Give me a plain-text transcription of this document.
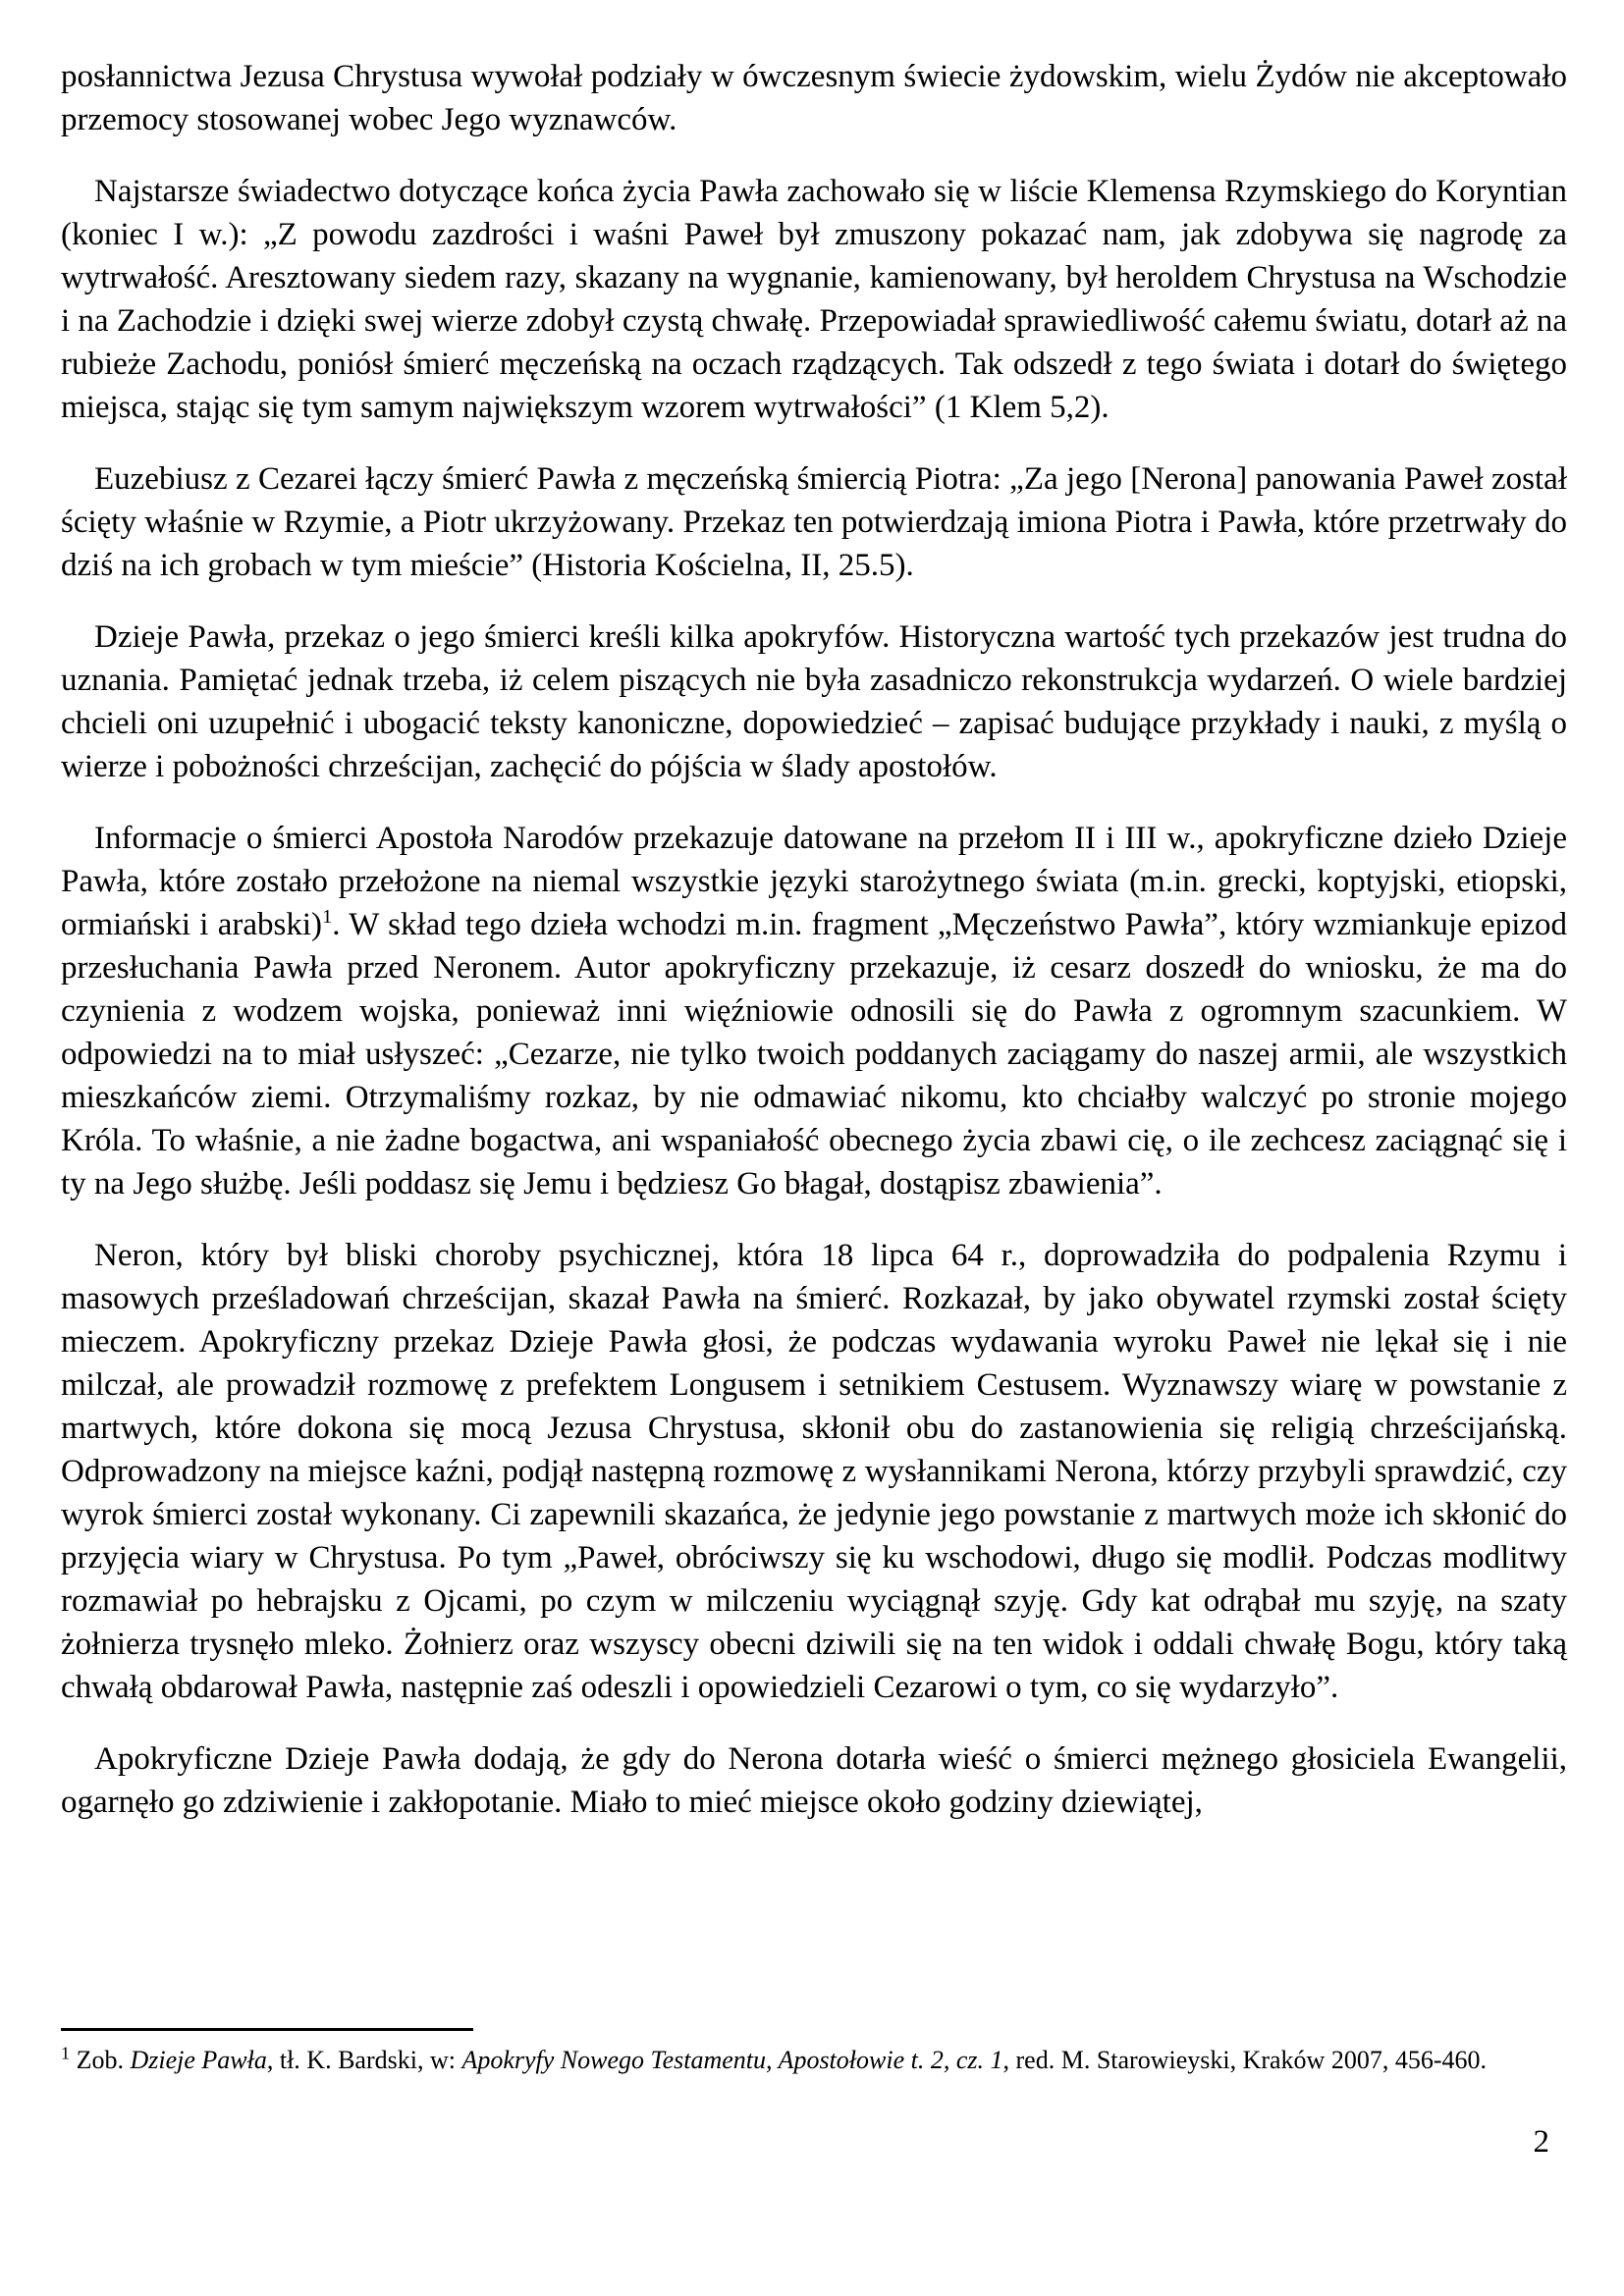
posłannictwa Jezusa Chrystusa wywołał podziały w ówczesnym świecie żydowskim, wielu Żydów nie akceptowało przemocy stosowanej wobec Jego wyznawców.

Najstarsze świadectwo dotyczące końca życia Pawła zachowało się w liście Klemensa Rzymskiego do Koryntian (koniec I w.): „Z powodu zazdrości i waśni Paweł był zmuszony pokazać nam, jak zdobywa się nagrodę za wytrwałość. Aresztowany siedem razy, skazany na wygnanie, kamienowany, był heroldem Chrystusa na Wschodzie i na Zachodzie i dzięki swej wierze zdobył czystą chwałę. Przepowiadał sprawiedliwość całemu światu, dotarł aż na rubieże Zachodu, poniósł śmierć męczeńską na oczach rządzących. Tak odszedł z tego świata i dotarł do świętego miejsca, stając się tym samym największym wzorem wytrwałości” (1 Klem 5,2).

Euzebiusz z Cezarei łączy śmierć Pawła z męczeńską śmiercią Piotra: „Za jego [Nerona] panowania Paweł został ścięty właśnie w Rzymie, a Piotr ukrzyżowany. Przekaz ten potwierdzają imiona Piotra i Pawła, które przetrwały do dziś na ich grobach w tym mieście” (Historia Kościelna, II, 25.5).

Dzieje Pawła, przekaz o jego śmierci kreśli kilka apokryfów. Historyczna wartość tych przekazów jest trudna do uznania. Pamiętać jednak trzeba, iż celem piszących nie była zasadniczo rekonstrukcja wydarzeń. O wiele bardziej chcieli oni uzupełnić i ubogacić teksty kanoniczne, dopowiedzieć – zapisać budujące przykłady i nauki, z myślą o wierze i pobożności chrześcijan, zachęcić do pójścia w ślady apostołów.

Informacje o śmierci Apostoła Narodów przekazuje datowane na przełom II i III w., apokryficzne dzieło Dzieje Pawła, które zostało przełożone na niemal wszystkie języki starożytnego świata (m.in. grecki, koptyjski, etiopski, ormiański i arabski)$^1$. W skład tego dzieła wchodzi m.in. fragment „Męczeństwo Pawła”, który wzmiankuje epizod przesłuchania Pawła przed Neronem. Autor apokryficzny przekazuje, iż cesarz doszedł do wniosku, że ma do czynienia z wodzem wojska, ponieważ inni więźniowie odnosili się do Pawła z ogromnym szacunkiem. W odpowiedzi na to miał usłyszeć: „Cezarze, nie tylko twoich poddanych zaciągamy do naszej armii, ale wszystkich mieszkańców ziemi. Otrzymaliśmy rozkaz, by nie odmawiać nikomu, kto chciałby walczyć po stronie mojego Króla. To właśnie, a nie żadne bogactwa, ani wspaniałość obecnego życia zbawi cię, o ile zechcesz zaciągnąć się i ty na Jego służbę. Jeśli poddasz się Jemu i będziesz Go błagał, dostąpisz zbawienia”.

Neron, który był bliski choroby psychicznej, która 18 lipca 64 r., doprowadziła do podpalenia Rzymu i masowych prześladowań chrześcijan, skazał Pawła na śmierć. Rozkazał, by jako obywatel rzymski został ścięty mieczem. Apokryficzny przekaz Dzieje Pawła głosi, że podczas wydawania wyroku Paweł nie lękał się i nie milczał, ale prowadził rozmowę z prefektem Longusem i setnikiem Cestusem. Wyznawszy wiarę w powstanie z martwych, które dokona się mocą Jezusa Chrystusa, skłonił obu do zastanowienia się religią chrześcijańską. Odprowadzony na miejsce kaźni, podjął następną rozmowę z wysłannikami Nerona, którzy przybyli sprawdzić, czy wyrok śmierci został wykonany. Ci zapewnili skazańca, że jedynie jego powstanie z martwych może ich skłonić do przyjęcia wiary w Chrystusa. Po tym „Paweł, obróciwszy się ku wschodowi, długo się modlił. Podczas modlitwy rozmawiał po hebrajsku z Ojcami, po czym w milczeniu wyciągnął szyję. Gdy kat odrąbał mu szyję, na szaty żołnierza trysnęło mleko. Żołnierz oraz wszyscy obecni dziwili się na ten widok i oddali chwałę Bogu, który taką chwałą obdarował Pawła, następnie zaś odeszli i opowiedzieli Cezarowi o tym, co się wydarzyło”.

Apokryficzne Dzieje Pawła dodają, że gdy do Nerona dotarła wieść o śmierci mężnego głosiciela Ewangelii, ogarnęło go zdziwienie i zakłopotanie. Miało to mieć miejsce około godziny dziewiątej,

$^1$ Zob. Dzieje Pawła, tł. K. Bardski, w: Apokryfy Nowego Testamentu, Apostołowie t. 2, cz. 1, red. M. Starowieyski, Kraków 2007, 456-460.

2
